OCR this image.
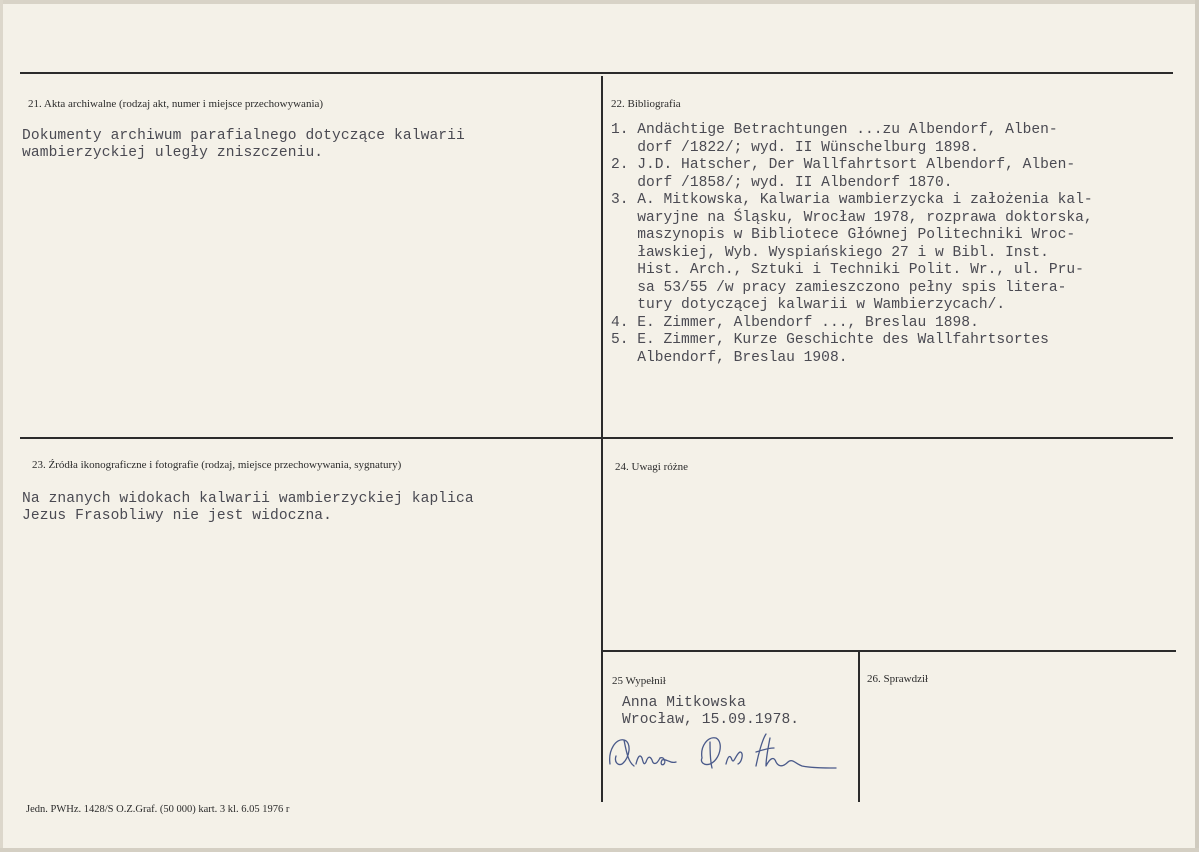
21. Akta archiwalne (rodzaj akt, numer i miejsce przechowywania)
Dokumenty archiwum parafialnego dotyczące kalwarii
wambierzyckiej uległy zniszczeniu.
22. Bibliografia
1. Andächtige Betrachtungen ...zu Albendorf, Alben-
dorf /1822/; wyd. II Wünschelburg 1898.
2. J.D. Hatscher, Der Wallfahrtsort Albendorf, Alben-
dorf /1858/; wyd. II Albendorf 1870.
3. A. Mitkowska, Kalwaria wambierzycka i założenia kal-
waryjne na Śląsku, Wrocław 1978, rozprawa doktorska,
maszynopis w Bibliotece Głównej Politechniki Wroc-
ławskiej, Wyb. Wyspiańskiego 27 i w Bibl. Inst.
Hist. Arch., Sztuki i Techniki Polit. Wr., ul. Pru-
sa 53/55 /w pracy zamieszczono pełny spis litera-
tury dotyczącej kalwarii w Wambierzycach/.
4. E. Zimmer, Albendorf ..., Breslau 1898.
5. E. Zimmer, Kurze Geschichte des Wallfahrtsortes
Albendorf, Breslau 1908.
23. Źródła ikonograficzne i fotografie (rodzaj, miejsce przechowywania, sygnatury)
Na znanych widokach kalwarii wambierzyckiej kaplica
Jezus Frasobliwy nie jest widoczna.
24. Uwagi różne
25 Wypełnił
Anna Mitkowska
Wrocław, 15.09.1978.
26. Sprawdził
Jedn. PWHz. 1428/S O.Z.Graf. (50 000) kart. 3 kl. 6.05 1976 r
